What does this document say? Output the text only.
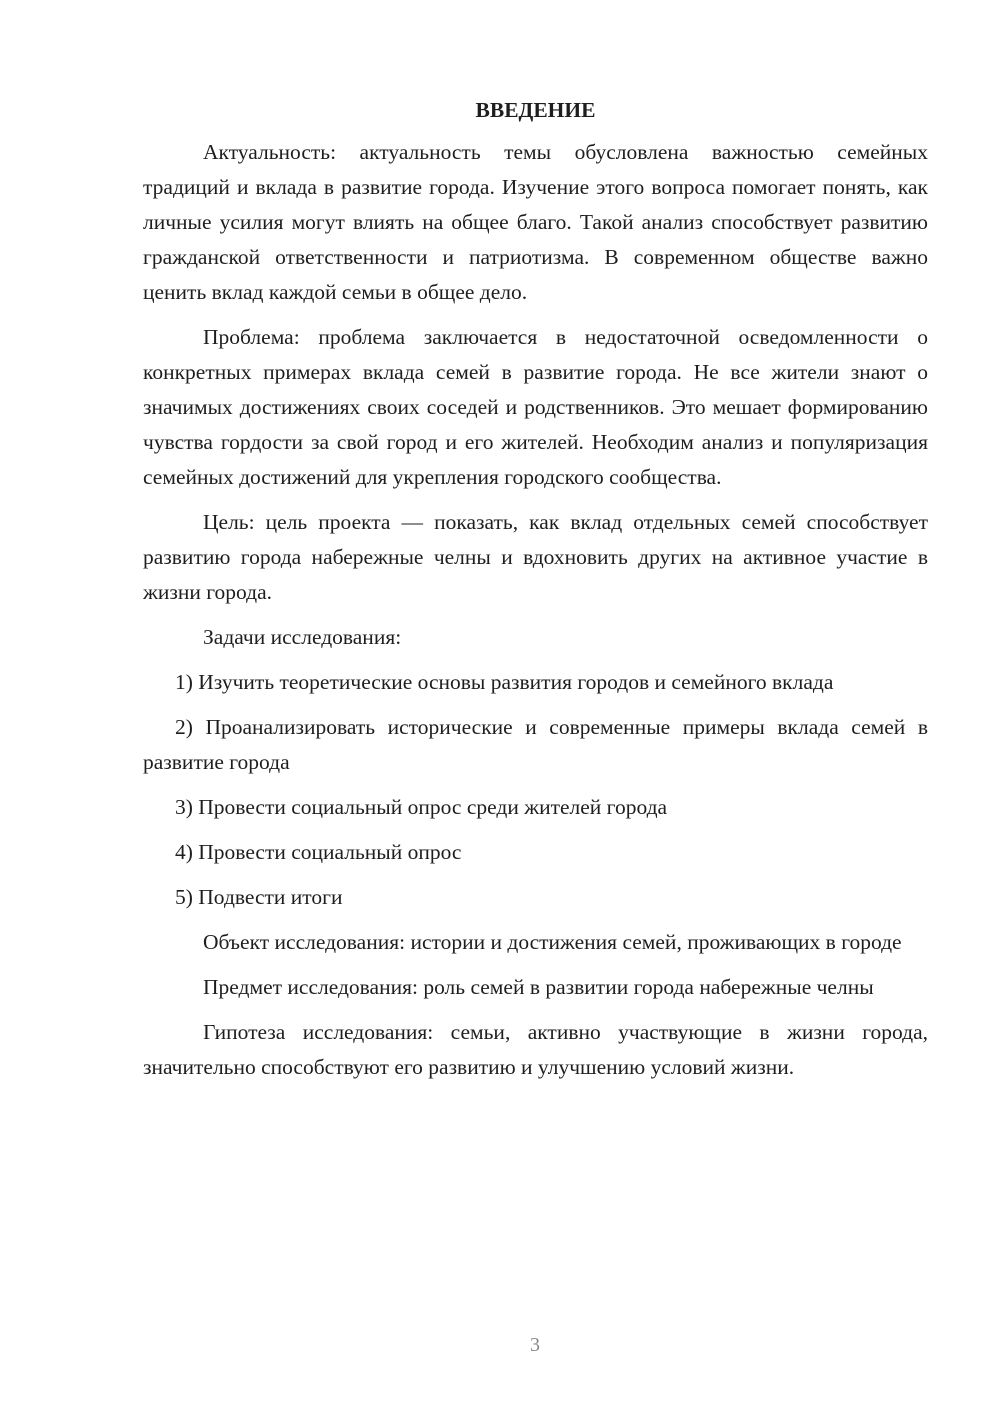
ВВЕДЕНИЕ

Актуальность: актуальность темы обусловлена важностью семейных традиций и вклада в развитие города. Изучение этого вопроса помогает понять, как личные усилия могут влиять на общее благо. Такой анализ способствует развитию гражданской ответственности и патриотизма. В современном обществе важно ценить вклад каждой семьи в общее дело.

Проблема: проблема заключается в недостаточной осведомленности о конкретных примерах вклада семей в развитие города. Не все жители знают о значимых достижениях своих соседей и родственников. Это мешает формированию чувства гордости за свой город и его жителей. Необходим анализ и популяризация семейных достижений для укрепления городского сообщества.

Цель: цель проекта — показать, как вклад отдельных семей способствует развитию города набережные челны и вдохновить других на активное участие в жизни города.

Задачи исследования:

1) Изучить теоретические основы развития городов и семейного вклада

2) Проанализировать исторические и современные примеры вклада семей в развитие города

3) Провести социальный опрос среди жителей города

4) Провести социальный опрос

5) Подвести итоги

Объект исследования: истории и достижения семей, проживающих в городе

Предмет исследования: роль семей в развитии города набережные челны

Гипотеза исследования: семьи, активно участвующие в жизни города, значительно способствуют его развитию и улучшению условий жизни.

3
